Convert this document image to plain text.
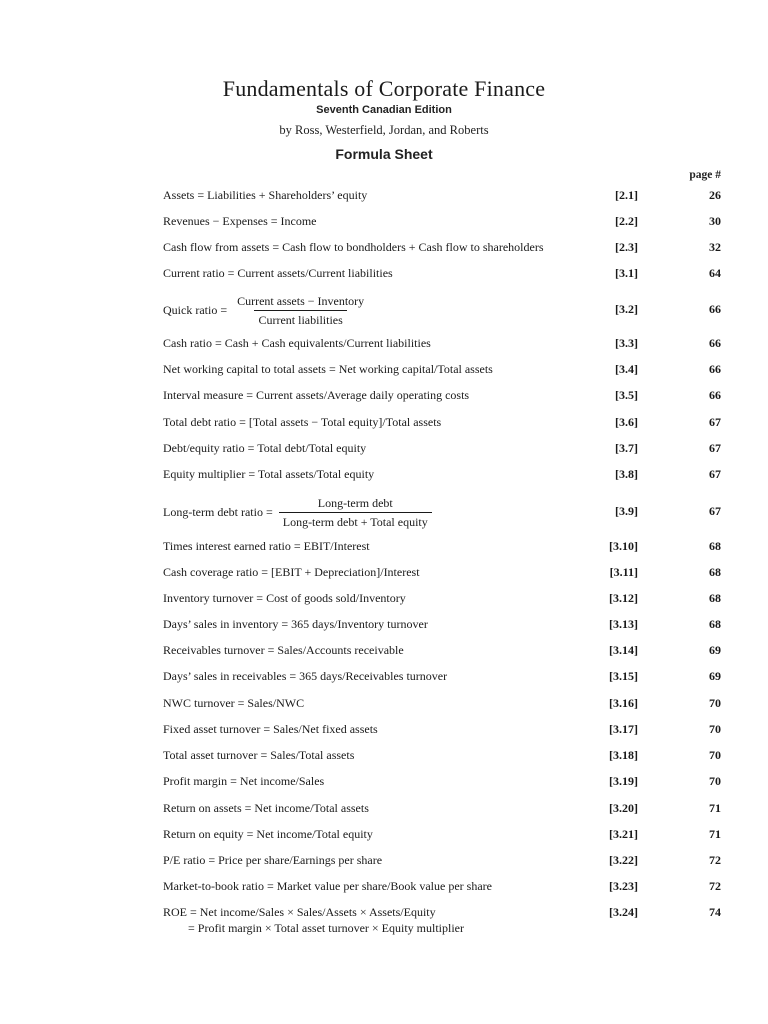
Fundamentals of Corporate Finance
Seventh Canadian Edition
by Ross, Westerfield, Jordan, and Roberts
Formula Sheet
page #
Assets = Liabilities + Shareholders’ equity	[2.1]	26
Revenues − Expenses = Income	[2.2]	30
Cash flow from assets = Cash flow to bondholders + Cash flow to shareholders	[2.3]	32
Current ratio = Current assets/Current liabilities	[3.1]	64
Quick ratio = $\frac{\text{Current assets − Inventory}}{\text{Current liabilities}}$	[3.2]	66
Cash ratio = Cash + Cash equivalents/Current liabilities	[3.3]	66
Net working capital to total assets = Net working capital/Total assets	[3.4]	66
Interval measure = Current assets/Average daily operating costs	[3.5]	66
Total debt ratio = [Total assets − Total equity]/Total assets	[3.6]	67
Debt/equity ratio = Total debt/Total equity	[3.7]	67
Equity multiplier = Total assets/Total equity	[3.8]	67
Long-term debt ratio = $\frac{\text{Long-term debt}}{\text{Long-term debt + Total equity}}$	[3.9]	67
Times interest earned ratio = EBIT/Interest	[3.10]	68
Cash coverage ratio = [EBIT + Depreciation]/Interest	[3.11]	68
Inventory turnover = Cost of goods sold/Inventory	[3.12]	68
Days’ sales in inventory = 365 days/Inventory turnover	[3.13]	68
Receivables turnover = Sales/Accounts receivable	[3.14]	69
Days’ sales in receivables = 365 days/Receivables turnover	[3.15]	69
NWC turnover = Sales/NWC	[3.16]	70
Fixed asset turnover = Sales/Net fixed assets	[3.17]	70
Total asset turnover = Sales/Total assets	[3.18]	70
Profit margin = Net income/Sales	[3.19]	70
Return on assets = Net income/Total assets	[3.20]	71
Return on equity = Net income/Total equity	[3.21]	71
P/E ratio = Price per share/Earnings per share	[3.22]	72
Market-to-book ratio = Market value per share/Book value per share	[3.23]	72
ROE = Net income/Sales × Sales/Assets × Assets/Equity
= Profit margin × Total asset turnover × Equity multiplier
[3.24]	74
